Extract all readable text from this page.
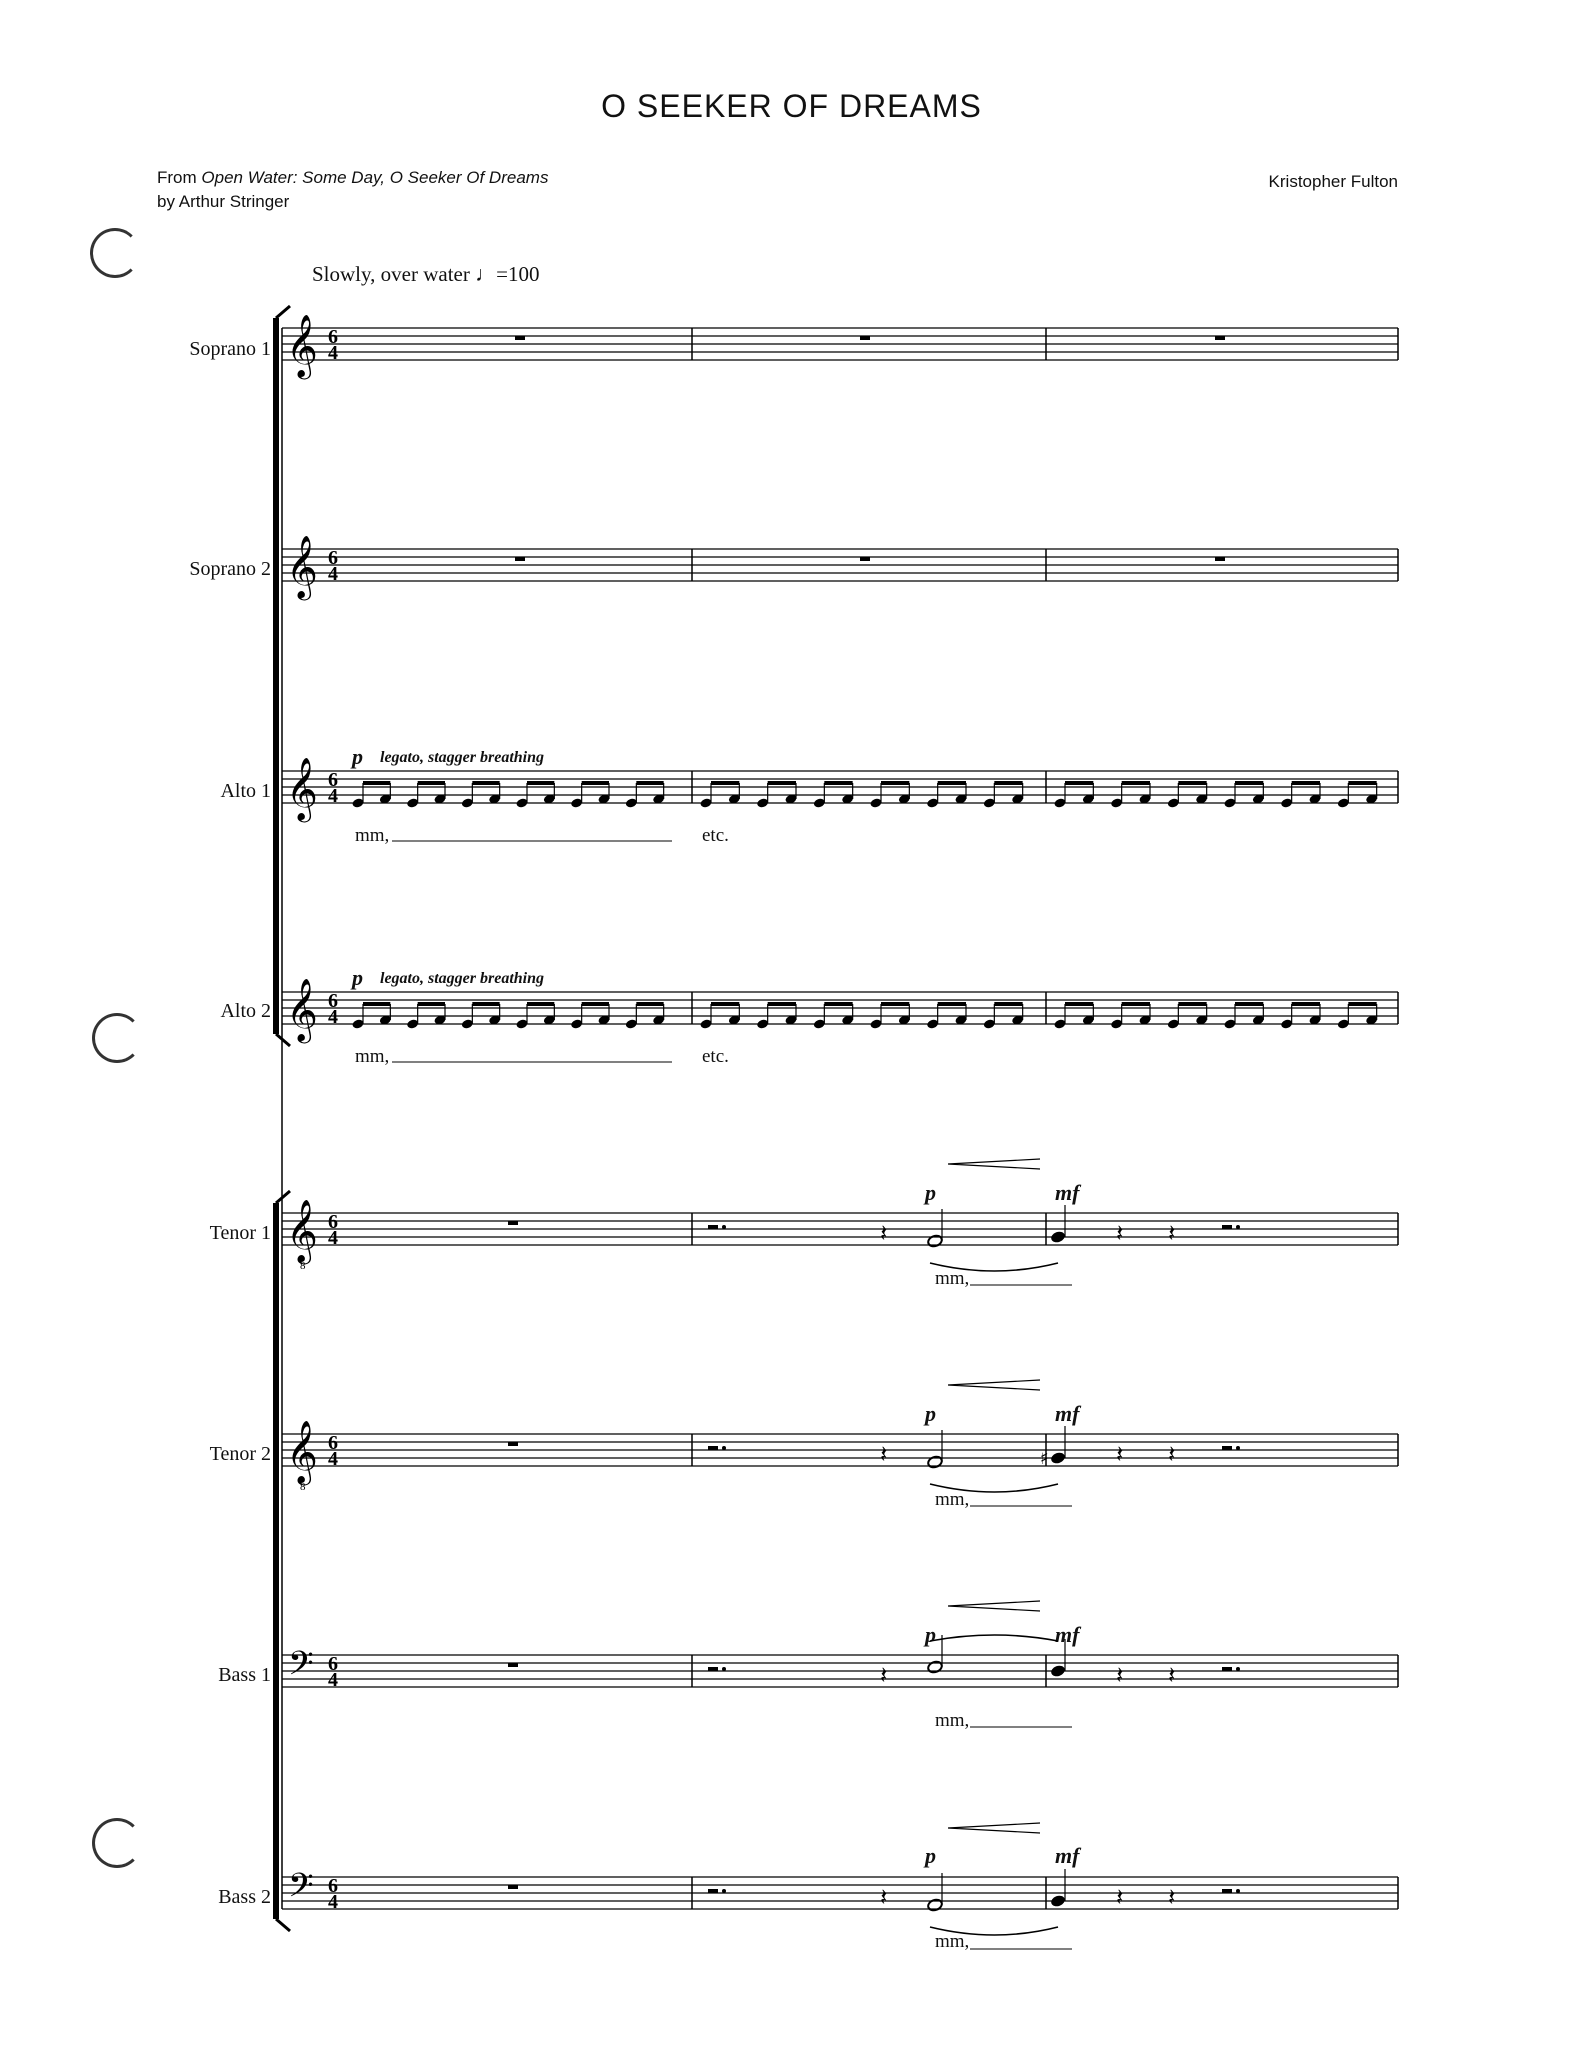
O SEEKER OF DREAMS
From Open Water: Some Day, O Seeker Of Dreams
by Arthur Stringer
Kristopher Fulton
Slowly, over water ♩=100
Soprano 1
Soprano 2
Alto 1
Alto 2
Tenor 1
Tenor 2
Bass 1
Bass 2
p legato, stagger breathing
mm,	etc.
p legato, stagger breathing
mm,	etc.
p	mf
mm,
p	mf
mm,
p	mf
mm,
p	mf
mm,
𝄞 6
4
𝄞 6
4
𝄞 6
4
𝄞 6
4
𝄞
8
6
4	𝄽	𝄽 𝄽
𝄞
8
6
4	𝄽	♯	𝄽 𝄽
𝄢 6
4	𝄽	𝄽 𝄽
𝄢 6
4	𝄽	𝄽 𝄽
